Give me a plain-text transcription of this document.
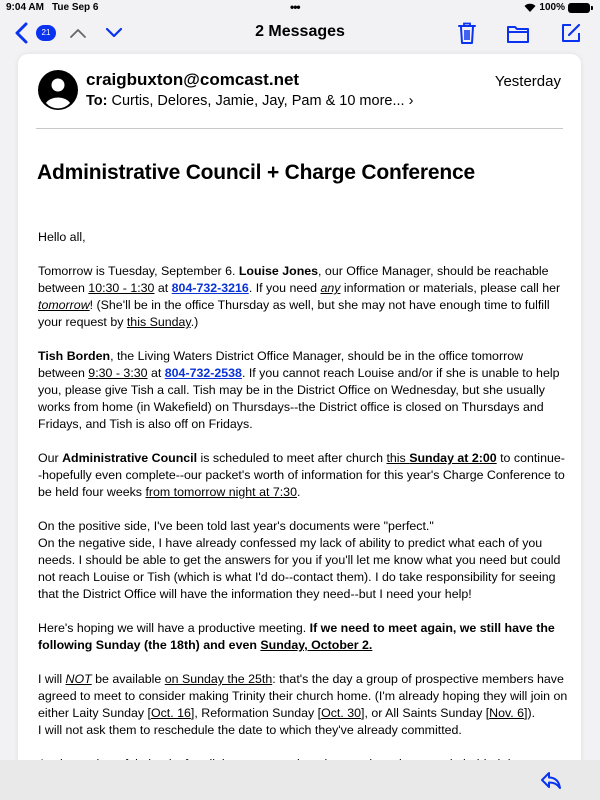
9:04 AM Tue Sep 6	•••	100%
21	2 Messages
craigbuxton@comcast.net	Yesterday
To: Curtis, Delores, Jamie, Jay, Pam & 10 more... ›
Administrative Council + Charge Conference

Hello all,

Tomorrow is Tuesday, September 6. Louise Jones, our Office Manager, should be reachable between 10:30 - 1:30 at 804-732-3216. If you need any information or materials, please call her tomorrow! (She'll be in the office Thursday as well, but she may not have enough time to fulfill your request by this Sunday.)

Tish Borden, the Living Waters District Office Manager, should be in the office tomorrow between 9:30 - 3:30 at 804-732-2538. If you cannot reach Louise and/or if she is unable to help you, please give Tish a call. Tish may be in the District Office on Wednesday, but she usually works from home (in Wakefield) on Thursdays--the District office is closed on Thursdays and Fridays, and Tish is also off on Fridays.

Our Administrative Council is scheduled to meet after church this Sunday at 2:00 to continue--hopefully even complete--our packet's worth of information for this year's Charge Conference to be held four weeks from tomorrow night at 7:30.

On the positive side, I've been told last year's documents were "perfect."
On the negative side, I have already confessed my lack of ability to predict what each of you needs. I should be able to get the answers for you if you'll let me know what you need but could not reach Louise or Tish (which is what I'd do--contact them). I do take responsibility for seeing that the District Office will have the information they need--but I need your help!

Here's hoping we will have a productive meeting. If we need to meet again, we still have the following Sunday (the 18th) and even Sunday, October 2.

I will NOT be available on Sunday the 25th: that's the day a group of prospective members have agreed to meet to consider making Trinity their church home. (I'm already hoping they will join on either Laity Sunday [Oct. 16], Reformation Sunday [Oct. 30], or All Saints Sunday [Nov. 6]).
I will not ask them to reschedule the date to which they've already committed.
